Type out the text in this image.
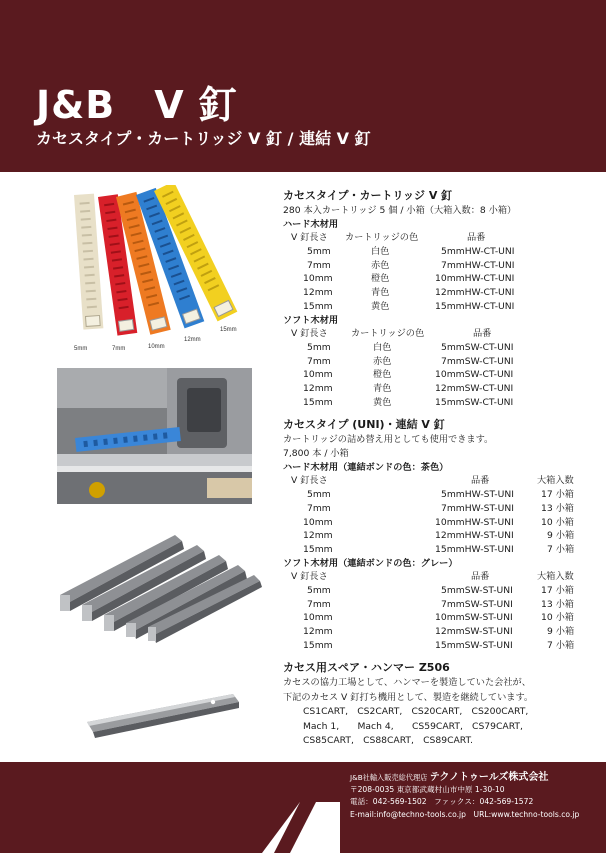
J&B　V 釘
カセスタイプ・カートリッジ V 釘 / 連結 V 釘
5mm	7mm	10mm
12mm
15mm
カセスタイプ・カートリッジ V 釘
280 本入カートリッジ 5 個 / 小箱（大箱入数：8 小箱）
ハード木材用
V 釘長さ カートリッジの色	品番
5mm	白色	5mmHW-CT-UNI
7mm	赤色	7mmHW-CT-UNI
10mm	橙色	10mmHW-CT-UNI
12mm	青色	12mmHW-CT-UNI
15mm	黄色	15mmHW-CT-UNI
ソフト木材用
V 釘長さ	カートリッジの色	品番
5mm	白色	5mmSW-CT-UNI
7mm	赤色	7mmSW-CT-UNI
10mm	橙色	10mmSW-CT-UNI
12mm	青色	12mmSW-CT-UNI
15mm	黄色	15mmSW-CT-UNI
カセスタイプ (UNI)・連結 V 釘
カートリッジの詰め替え用としても使用できます。
7,800 本 / 小箱
ハード木材用（連結ボンドの色：茶色）
V 釘長さ	品番	大箱入数
5mm	5mmHW-ST-UNI	17 小箱
7mm	7mmHW-ST-UNI	13 小箱
10mm	10mmHW-ST-UNI	10 小箱
12mm	12mmHW-ST-UNI	9 小箱
15mm	15mmHW-ST-UNI	7 小箱
ソフト木材用（連結ボンドの色：グレー）
V 釘長さ	品番	大箱入数
5mm	5mmSW-ST-UNI	17 小箱
7mm	7mmSW-ST-UNI	13 小箱
10mm	10mmSW-ST-UNI	10 小箱
12mm	12mmSW-ST-UNI	9 小箱
15mm	15mmSW-ST-UNI	7 小箱
カセス用スペア・ハンマー Z506
カセスの協力工場として、ハンマーを製造していた会社が、
下記のカセス V 釘打ち機用として、製造を継続しています。
CS1CART,　CS2CART,　CS20CART,　CS200CART,
Mach 1,　　Mach 4,　　CS59CART,　CS79CART,
CS85CART,　CS88CART,　CS89CART.
J&B社輸入販売総代理店 テクノトゥールズ株式会社
〒208-0035 東京都武蔵村山市中原 1-30-10
電話：042-569-1502　ファックス：042-569-1572
E-mail:info@techno-tools.co.jp　URL:www.techno-tools.co.jp
